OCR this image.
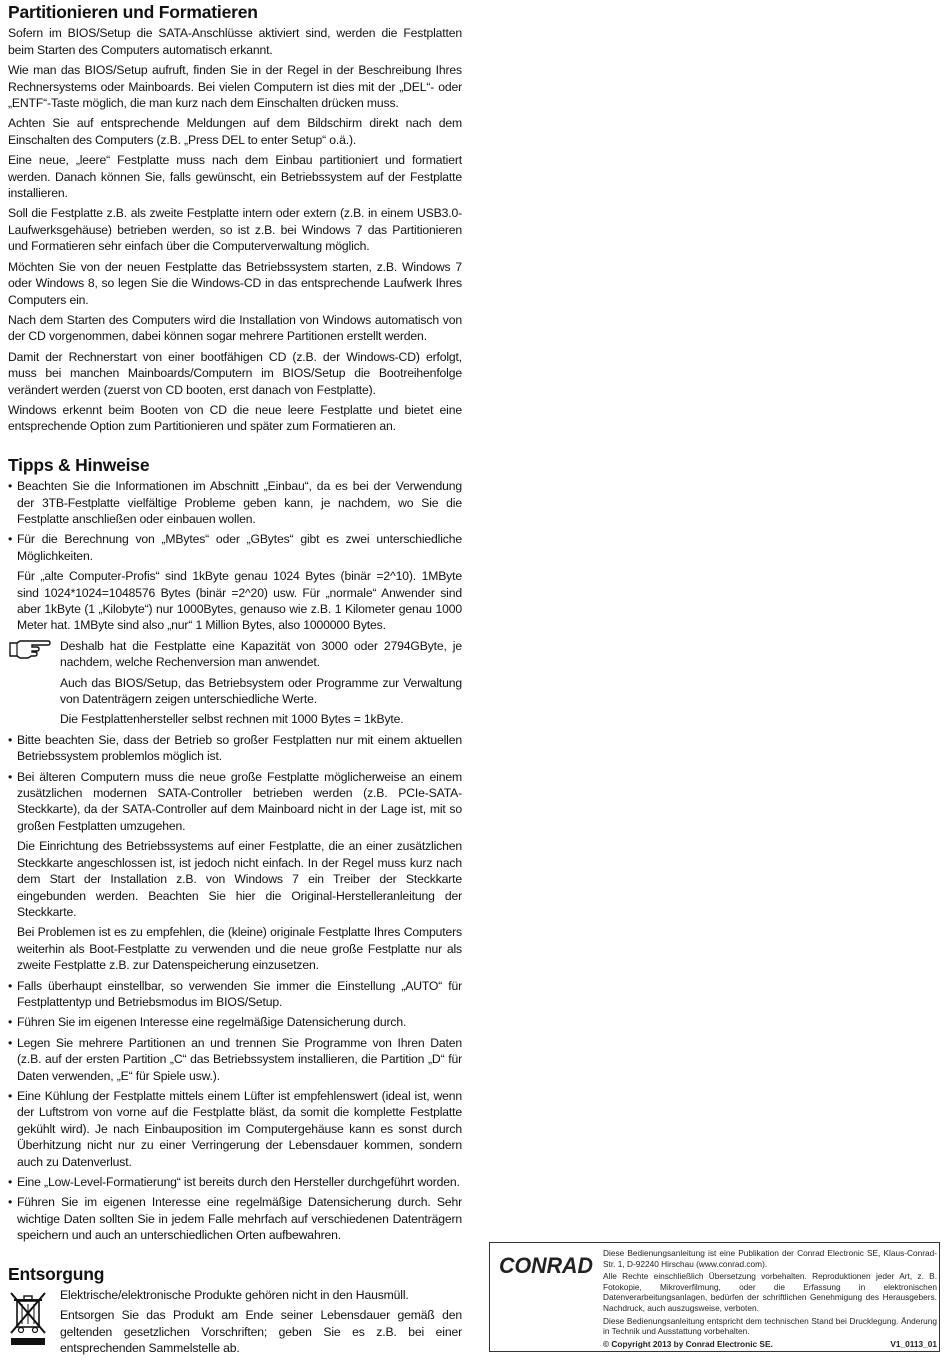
Partitionieren und Formatieren

Sofern im BIOS/Setup die SATA-Anschlüsse aktiviert sind, werden die Festplatten beim Starten des Computers automatisch erkannt.

Wie man das BIOS/Setup aufruft, finden Sie in der Regel in der Beschreibung Ihres Rechnersystems oder Mainboards. Bei vielen Computern ist dies mit der „DEL“- oder „ENTF“-Taste möglich, die man kurz nach dem Einschalten drücken muss.

Achten Sie auf entsprechende Meldungen auf dem Bildschirm direkt nach dem Einschalten des Computers (z.B. „Press DEL to enter Setup“ o.ä.).

Eine neue, „leere“ Festplatte muss nach dem Einbau partitioniert und formatiert werden. Danach können Sie, falls gewünscht, ein Betriebssystem auf der Festplatte installieren.

Soll die Festplatte z.B. als zweite Festplatte intern oder extern (z.B. in einem USB3.0-Laufwerksgehäuse) betrieben werden, so ist z.B. bei Windows 7 das Partitionieren und Formatieren sehr einfach über die Computerverwaltung möglich.

Möchten Sie von der neuen Festplatte das Betriebssystem starten, z.B. Windows 7 oder Windows 8, so legen Sie die Windows-CD in das entsprechende Laufwerk Ihres Computers ein.

Nach dem Starten des Computers wird die Installation von Windows automatisch von der CD vorgenommen, dabei können sogar mehrere Partitionen erstellt werden.

Damit der Rechnerstart von einer bootfähigen CD (z.B. der Windows-CD) erfolgt, muss bei manchen Mainboards/Computern im BIOS/Setup die Bootreihenfolge verändert werden (zuerst von CD booten, erst danach von Festplatte).

Windows erkennt beim Booten von CD die neue leere Festplatte und bietet eine entsprechende Option zum Partitionieren und später zum Formatieren an.

Tipps & Hinweise

• Beachten Sie die Informationen im Abschnitt „Einbau“, da es bei der Verwendung der 3TB-Festplatte vielfältige Probleme geben kann, je nachdem, wo Sie die Festplatte anschließen oder einbauen wollen.

• Für die Berechnung von „MBytes“ oder „GBytes“ gibt es zwei unterschiedliche Möglichkeiten.

Für „alte Computer-Profis“ sind 1kByte genau 1024 Bytes (binär =2^10). 1MByte sind 1024*1024=1048576 Bytes (binär =2^20) usw. Für „normale“ Anwender sind aber 1kByte (1 „Kilobyte“) nur 1000Bytes, genauso wie z.B. 1 Kilometer genau 1000 Meter hat. 1MByte sind also „nur“ 1 Million Bytes, also 1000000 Bytes.

Deshalb hat die Festplatte eine Kapazität von 3000 oder 2794GByte, je nachdem, welche Rechenversion man anwendet.

Auch das BIOS/Setup, das Betriebsystem oder Programme zur Verwaltung von Datenträgern zeigen unterschiedliche Werte.

Die Festplattenhersteller selbst rechnen mit 1000 Bytes = 1kByte.

• Bitte beachten Sie, dass der Betrieb so großer Festplatten nur mit einem aktuellen Betriebssystem problemlos möglich ist.

• Bei älteren Computern muss die neue große Festplatte möglicherweise an einem zusätzlichen modernen SATA-Controller betrieben werden (z.B. PCIe-SATA-Steckkarte), da der SATA-Controller auf dem Mainboard nicht in der Lage ist, mit so großen Festplatten umzugehen.

Die Einrichtung des Betriebssystems auf einer Festplatte, die an einer zusätzlichen Steckkarte angeschlossen ist, ist jedoch nicht einfach. In der Regel muss kurz nach dem Start der Installation z.B. von Windows 7 ein Treiber der Steckkarte eingebunden werden. Beachten Sie hier die Original-Herstelleranleitung der Steckkarte.

Bei Problemen ist es zu empfehlen, die (kleine) originale Festplatte Ihres Computers weiterhin als Boot-Festplatte zu verwenden und die neue große Festplatte nur als zweite Festplatte z.B. zur Datenspeicherung einzusetzen.

• Falls überhaupt einstellbar, so verwenden Sie immer die Einstellung „AUTO“ für Festplattentyp und Betriebsmodus im BIOS/Setup.

• Führen Sie im eigenen Interesse eine regelmäßige Datensicherung durch.

• Legen Sie mehrere Partitionen an und trennen Sie Programme von Ihren Daten (z.B. auf der ersten Partition „C“ das Betriebssystem installieren, die Partition „D“ für Daten verwenden, „E“ für Spiele usw.).

• Eine Kühlung der Festplatte mittels einem Lüfter ist empfehlenswert (ideal ist, wenn der Luftstrom von vorne auf die Festplatte bläst, da somit die komplette Festplatte gekühlt wird). Je nach Einbauposition im Computergehäuse kann es sonst durch Überhitzung nicht nur zu einer Verringerung der Lebensdauer kommen, sondern auch zu Datenverlust.

• Eine „Low-Level-Formatierung“ ist bereits durch den Hersteller durchgeführt worden.

• Führen Sie im eigenen Interesse eine regelmäßige Datensicherung durch. Sehr wichtige Daten sollten Sie in jedem Falle mehrfach auf verschiedenen Datenträgern speichern und auch an unterschiedlichen Orten aufbewahren.

Entsorgung

Elektrische/elektronische Produkte gehören nicht in den Hausmüll.

Entsorgen Sie das Produkt am Ende seiner Lebensdauer gemäß den geltenden gesetzlichen Vorschriften; geben Sie es z.B. bei einer entsprechenden Sammelstelle ab.

CONRAD Diese Bedienungsanleitung ist eine Publikation der Conrad Electronic SE, Klaus-Conrad-Str. 1, D-92240 Hirschau (www.conrad.com).

Alle Rechte einschließlich Übersetzung vorbehalten. Reproduktionen jeder Art, z. B. Fotokopie, Mikroverfilmung, oder die Erfassung in elektronischen Datenverarbeitungsanlagen, bedürfen der schriftlichen Genehmigung des Herausgebers. Nachdruck, auch auszugsweise, verboten.

Diese Bedienungsanleitung entspricht dem technischen Stand bei Drucklegung. Änderung in Technik und Ausstattung vorbehalten.

© Copyright 2013 by Conrad Electronic SE.	V1_0113_01
